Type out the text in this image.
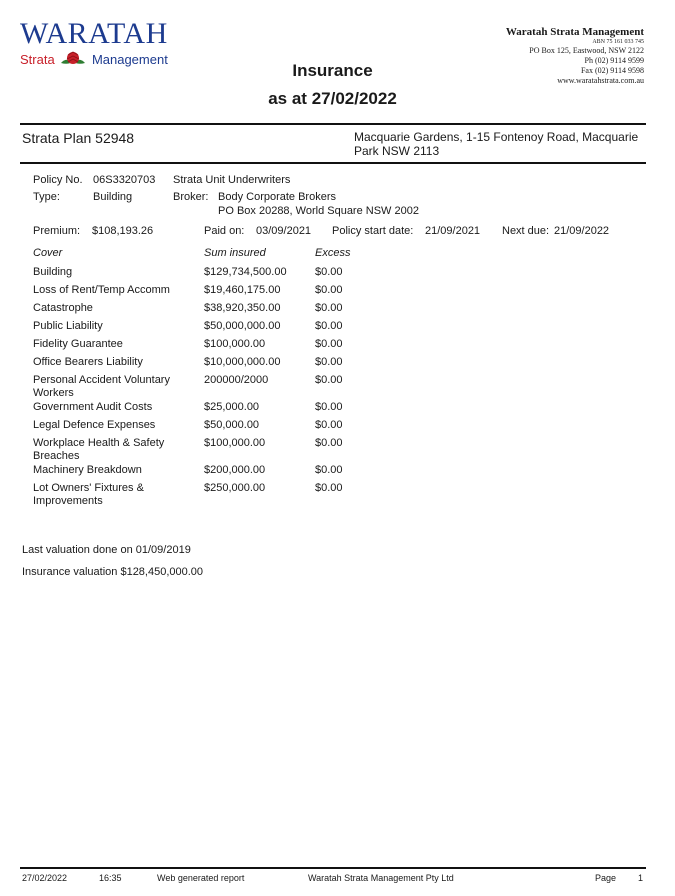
WARATAH
Strata	Management
Waratah Strata Management
ABN 75 161 033 745
PO Box 125, Eastwood, NSW 2122
Ph (02) 9114 9599
Fax (02) 9114 9598
www.waratahstrata.com.au
Insurance
as at 27/02/2022
Strata Plan 52948	Macquarie Gardens, 1-15 Fontenoy Road, Macquarie
Park NSW 2113
Policy No. 06S3320703 Strata Unit Underwriters
Type:	Building	Broker: Body Corporate Brokers
PO Box 20288, World Square NSW 2002
Premium: $108,193.26	Paid on: 03/09/2021 Policy start date: 21/09/2021 Next due: 21/09/2022
Cover	Sum insured	Excess
Building	$129,734,500.00	$0.00
Loss of Rent/Temp Accomm	$19,460,175.00	$0.00
Catastrophe	$38,920,350.00	$0.00
Public Liability	$50,000,000.00	$0.00
Fidelity Guarantee	$100,000.00	$0.00
Office Bearers Liability	$10,000,000.00	$0.00
Personal Accident Voluntary
Workers
200000/2000	$0.00
Government Audit Costs	$25,000.00	$0.00
Legal Defence Expenses	$50,000.00	$0.00
Workplace Health & Safety
Breaches
$100,000.00	$0.00
Machinery Breakdown	$200,000.00	$0.00
Lot Owners' Fixtures &
Improvements
$250,000.00	$0.00
Last valuation done on 01/09/2019
Insurance valuation $128,450,000.00
27/02/2022	16:35	Web generated report	Waratah Strata Management Pty Ltd	Page 1
